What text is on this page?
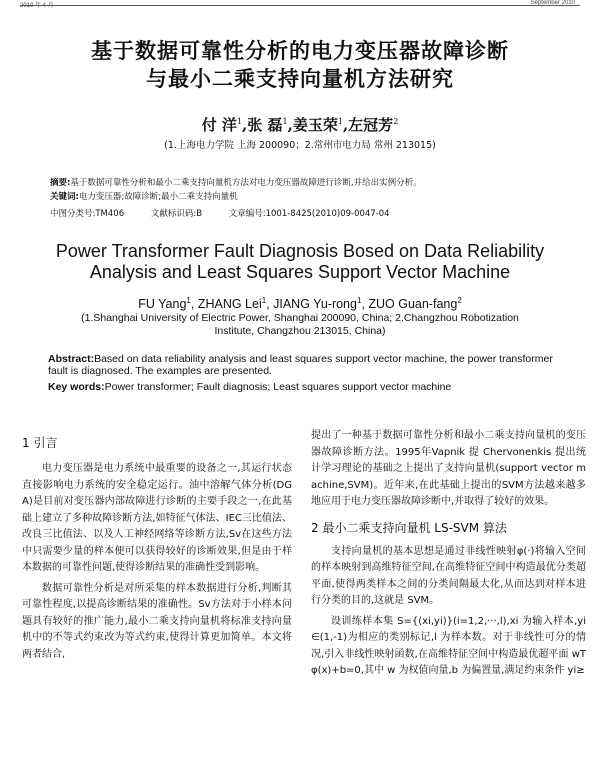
2010 年 4 月	September 2010
基于数据可靠性分析的电力变压器故障诊断
与最小二乘支持向量机方法研究
付 洋$^1$,张 磊$^1$,姜玉荣$^1$,左冠芳$^2$
(1.上海电力学院 上海 200090；2.常州市电力局 常州 213015)
摘要:基于数据可靠性分析和最小二乘支持向量机方法对电力变压器故障进行诊断,并给出实例分析。
关键词:电力变压器;故障诊断;最小二乘支持向量机
中图分类号:TM406	文献标识码:B	文章编号:1001-8425(2010)09-0047-04
Power Transformer Fault Diagnosis Bosed on Data Reliability
Analysis and Least Squares Support Vector Machine
FU Yang$^1$, ZHANG Lei$^1$, JIANG Yu-rong$^1$, ZUO Guan-fang$^2$
(1.Shanghai University of Electric Power, Shanghai 200090, China; 2.Changzhou Robotization
Institute, Changzhou 213015, China)
Abstract:Based on data reliability analysis and least squares support vector machine, the power transformer fault is diagnosed. The examples are presented.
Key words:Power transformer; Fault diagnosis; Least squares support vector machine
1 引言

电力变压器是电力系统中最重要的设备之一,其运行状态直接影响电力系统的安全稳定运行。油中溶解气体分析(DGA)是目前对变压器内部故障进行诊断的主要手段之一,在此基础上建立了多种故障诊断方法,如特征气体法、IEC三比值法、改良三比值法、以及人工神经网络等诊断方法,Sv在这些方法中只需要少量的样本便可以获得较好的诊断效果,但是由于样本数据的可靠性问题,使得诊断结果的准确性受到影响。

数据可靠性分析是对所采集的样本数据进行分析,判断其可靠性程度,以提高诊断结果的准确性。Sv方法对于小样本问题具有较好的推广能力,最小二乘支持向量机将标准支持向量机中的不等式约束改为等式约束,使得计算更加简单。本文将两者结合,

提出了一种基于数据可靠性分析和最小二乘支持向量机的变压器故障诊断方法。1995年Vapnik 提 Chervonenkis 提出统计学习理论的基础之上提出了支持向量机(support vector machine,SVM)。近年来,在此基础上提出的SVM方法越来越多地应用于电力变压器故障诊断中,并取得了较好的效果。

2 最小二乘支持向量机 LS-SVM 算法

支持向量机的基本思想是通过非线性映射φ(·)将输入空间的样本映射到高维特征空间,在高维特征空间中构造最优分类超平面,使得两类样本之间的分类间隔最大化,从而达到对样本进行分类的目的,这就是 SVM。

设训练样本集 S={(xi,yi)}(i=1,2,···,l),xi 为输入样本,yi∈(1,-1)为相应的类别标记,l 为样本数。对于非线性可分的情况,引入非线性映射函数,在高维特征空间中构造最优超平面 wTφ(x)+b=0,其中 w 为权值向量,b 为偏置量,满足约束条件 yi≥
